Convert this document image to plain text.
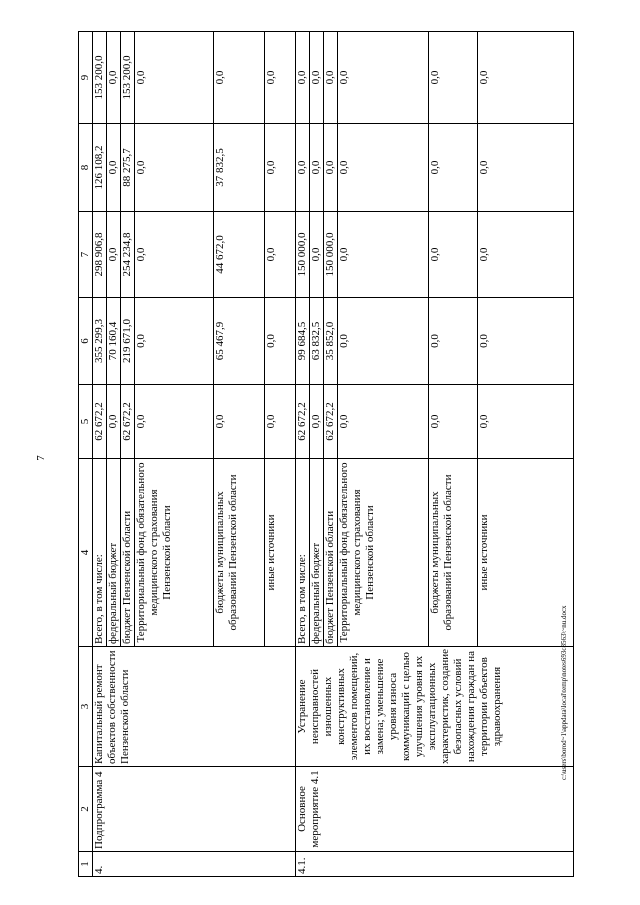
7
c:\users\borod~1\appdata\local\temp\notes693c8563\~nu.docx
1	2	3	4	5	6	7	8	9
4.	Подпрограмма 4	Капитальный ремонт объектов собственности Пензенской области	Всего, в том числе:	62 672,2	355 299,3	298 906,8	126 108,2	153 200,0
			федеральный бюджет	0,0	70 160,4	0,0	0,0	0,0
			бюджет Пензенской области	62 672,2	219 671,0	254 234,8	88 275,7	153 200,0
			Территориальный фонд обязательного медицинского страхования Пензенской области	0,0	0,0	0,0	0,0	0,0
			бюджеты муниципальных образований Пензенской области	0,0	65 467,9	44 672,0	37 832,5	0,0
			иные источники	0,0	0,0	0,0	0,0	0,0
4.1.	Основное мероприятие 4.1	Устранение неисправностей изношенных конструктивных элементов помещений, их восстановление и замена; уменьшение уровня износа коммуникаций с целью улучшения уровня их эксплуатационных характеристик, создание безопасных условий нахождения граждан на территории объектов здравоохранения	Всего, в том числе:	62 672,2	99 684,5	150 000,0	0,0	0,0
			федеральный бюджет	0,0	63 832,5	0,0	0,0	0,0
			бюджет Пензенской области	62 672,2	35 852,0	150 000,0	0,0	0,0
			Территориальный фонд обязательного медицинского страхования Пензенской области	0,0	0,0	0,0	0,0	0,0
			бюджеты муниципальных образований Пензенской области	0,0	0,0	0,0	0,0	0,0
			иные источники	0,0	0,0	0,0	0,0	0,0
